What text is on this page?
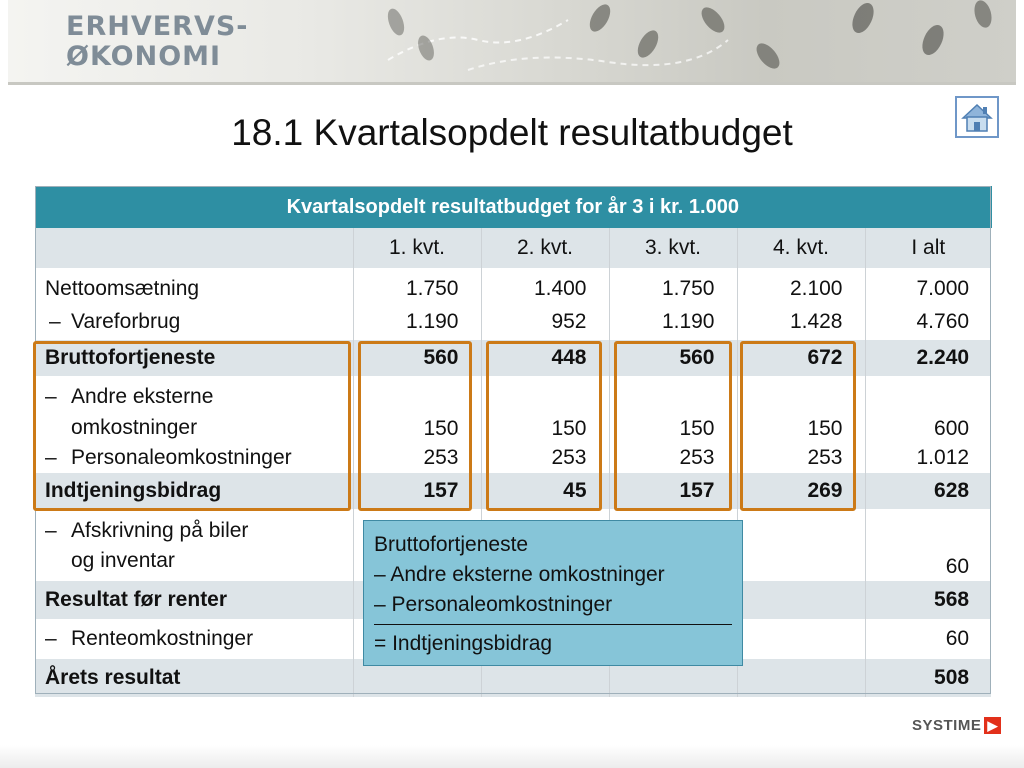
ERHVERVS-
ØKONOMI
18.1 Kvartalsopdelt resultatbudget
Kvartalsopdelt resultatbudget for år 3 i kr. 1.000					
	1. kvt.	2. kvt.	3. kvt.	4. kvt.	I alt
Nettoomsætning	1.750	1.400	1.750	2.100	7.000
– Vareforbrug	1.190	952	1.190	1.428	4.760
Bruttofortjeneste	560	448	560	672	2.240

– Andre eksterne
omkostninger	150	150	150	150	600
– Personaleomkostninger	253	253	253	253	1.012
Indtjeningsbidrag	157	45	157	269	628

– Afskrivning på biler
og inventar					60
Resultat før renter					568
– Renteomkostninger					60
Årets resultat					508
Bruttofortjeneste
– Andre eksterne omkostninger
– Personaleomkostninger
= Indtjeningsbidrag
SYSTIME ▶
